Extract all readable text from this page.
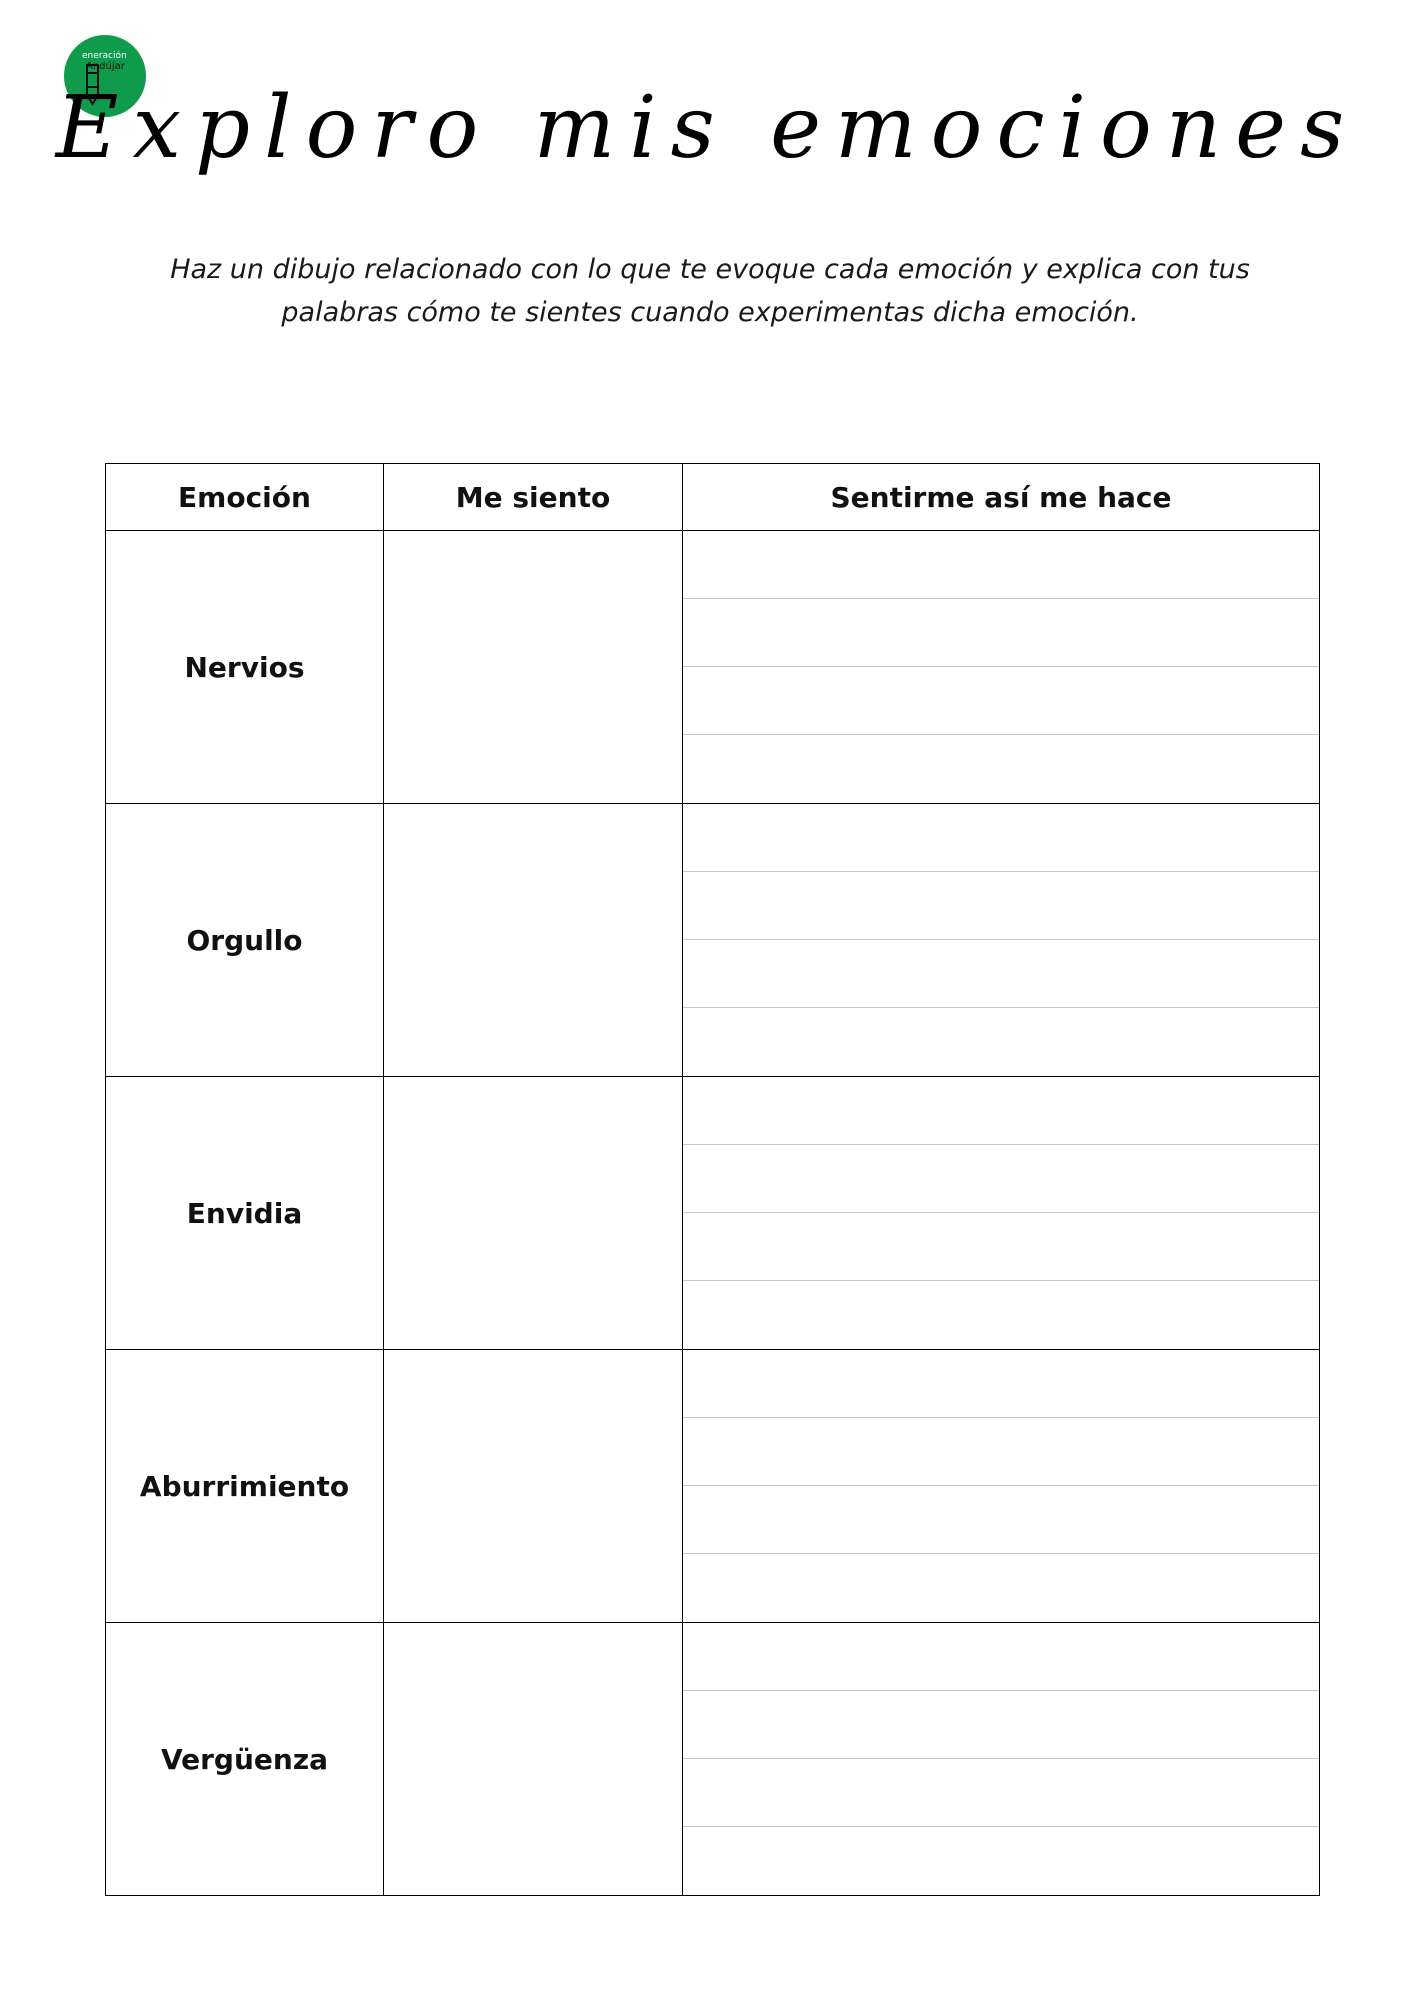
eneración
Andújar
Exploro mis emociones

Haz un dibujo relacionado con lo que te evoque cada emoción y explica con tus palabras cómo te sientes cuando experimentas dicha emoción.

Emoción	Me siento	Sentirme así me hace
Nervios		

Orgullo		

Envidia		

Aburrimiento		

Vergüenza		
